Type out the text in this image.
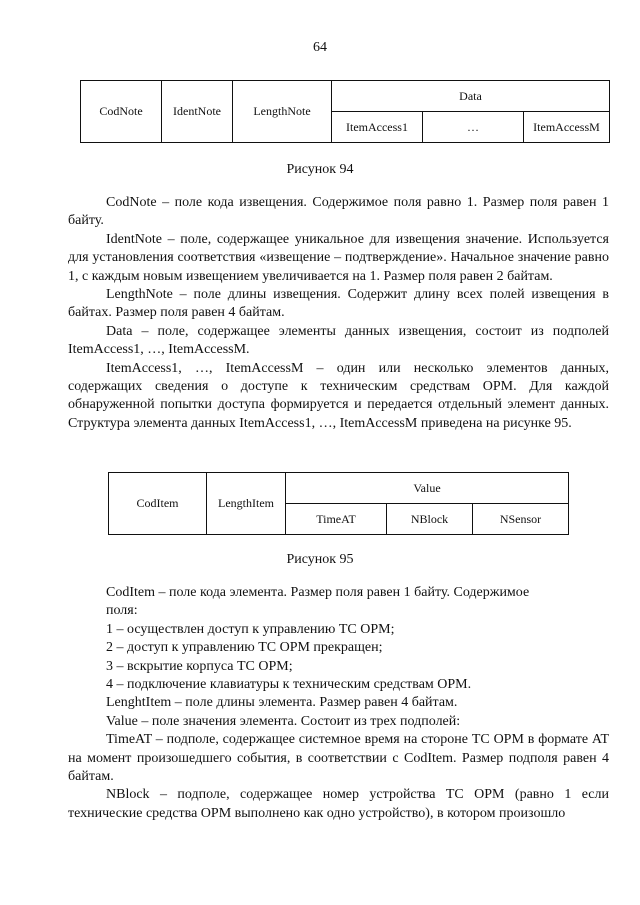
64
CodNote	IdentNote	LengthNote	Data		
			ItemAccess1	…	ItemAccessM
Рисунок 94

CodNote – поле кода извещения. Содержимое поля равно 1. Размер поля равен 1 байту.

IdentNote – поле, содержащее уникальное для извещения значение. Используется для установления соответствия «извещение – подтверждение». Начальное значение равно 1, с каждым новым извещением увеличивается на 1. Размер поля равен 2 байтам.

LengthNote – поле длины извещения. Содержит длину всех полей извещения в байтах. Размер поля равен 4 байтам.

Data – поле, содержащее элементы данных извещения, состоит из подполей ItemAccess1, …, ItemAccessM.

ItemAccess1, …, ItemAccessM – один или несколько элементов данных, содержащих сведения о доступе к техническим средствам ОРМ. Для каждой обнаруженной попытки доступа формируется и передается отдельный элемент данных. Структура элемента данных ItemAccess1, …, ItemAccessM приведена на рисунке 95.

CodItem	LengthItem	Value		
		TimeAT	NBlock	NSensor
Рисунок 95

CodItem – поле кода элемента. Размер поля равен 1 байту. Содержимое

поля:

1 – осуществлен доступ к управлению ТС ОРМ;

2 – доступ к управлению ТС ОРМ прекращен;

3 – вскрытие корпуса ТС ОРМ;

4 – подключение клавиатуры к техническим средствам ОРМ.

LenghtItem – поле длины элемента. Размер равен 4 байтам.

Value – поле значения элемента. Состоит из трех подполей:

TimeAT – подполе, содержащее системное время на стороне ТС ОРМ в формате AT на момент произошедшего события, в соответствии с CodItem. Размер подполя равен 4 байтам.

NBlock – подполе, содержащее номер устройства ТС ОРМ (равно 1 если технические средства ОРМ выполнено как одно устройство), в котором произошло
